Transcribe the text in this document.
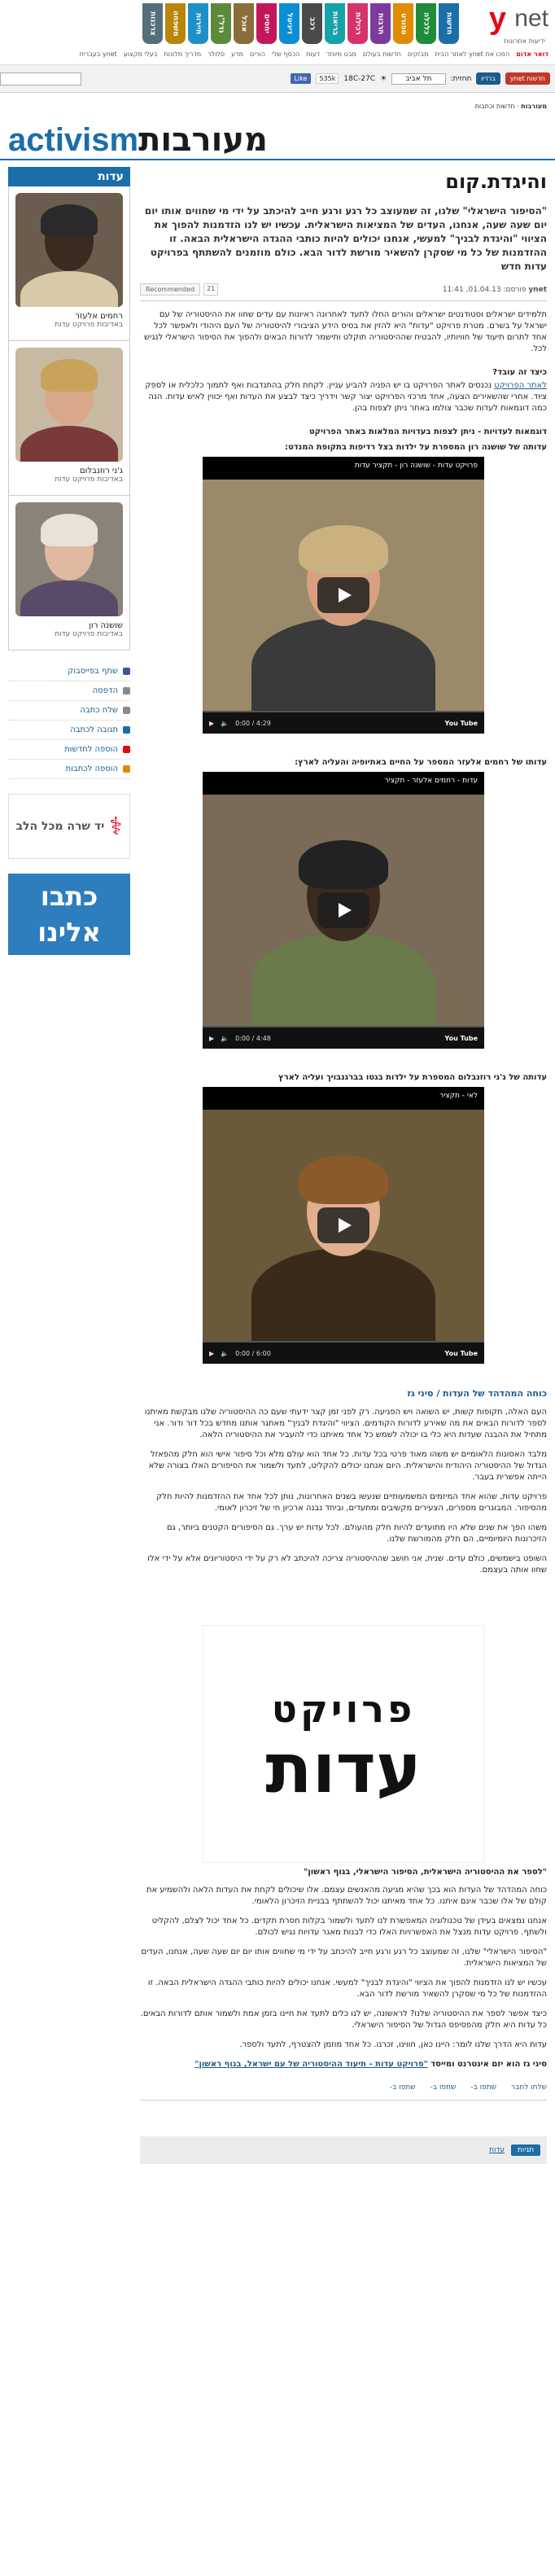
y net
ידיעות אחרונות
חדשות
כלכלה
ספורט
תרבות
רכילות
בריאות
רכב
דיגיטל
יחסים
אוכל
נדל"ן
תיירות
משפחה
צרכנות
דואר אדום
הפכו את ynet לאתר הבית
מבזקים
חדשות בעולם
מבט מיוחד
דעות
הכסף שלי
הורים
מדע
סלולר
מדריך מלונות
בעלי מקצוע
ynet בעברית
חדשות ynet
ברדיו
תחזית:
תל אביב
☀
18C-27C
535k
Like
מעורבות · חדשות וכתבות
מעורבות
activism
והיגדת.קום
"הסיפור הישראלי" שלנו, זה שמעוצב כל רגע ורגע חייב להיכתב על ידי מי שחווים אותו יום יום שעה שעה, אנחנו, העדים של המציאות הישראלית. עכשיו יש לנו הזדמנות להפוך את הציווי "והיגדת לבניך" למעשי, אנחנו יכולים להיות כותבי ההגדה הישראלית הבאה. זו ההזדמנות של כל מי שסקרן להשאיר מורשת לדור הבא. כולם מוזמנים להשתתף בפרויקט עדות חדש
ynet פורסם: 01.04.13, 11:41
Recommended	21
תלמידים ישראלים וסטודנטים ישראלים והורים החלו לתעד לאחרונה ראיונות עם עדים שחוו את ההיסטוריה של עם ישראל על בשרם. מטרת פרויקט "עדות" היא להזין את בסיס הידע הציבורי להיסטוריה של העם היהודי ולאפשר לכל אחד לתרום תיעוד של חוויותיו, להבטיח שההיסטוריה תוקלט ותישמר לדורות הבאים ולהפוך את הסיפור הישראלי לנגיש לכל.
כיצד זה עובד?
לאתר הפרויקט נכנסים לאתר הפרויקט בו יש הפניה להביע עניין. לקחת חלק בהתנדבות ואף לתמוך כלכלית או לספק ציוד. אחרי שהשאירים הצעה, אחד מרכזי הפרויקט יצור קשר וידריך כיצד לבצע את העדות ואף יכווין לאיש עדות. הנה כמה דוגמאות לעדות שכבר צולמו באתר ניתן לצפות בהן.
דוגמאות לעדויות - ניתן לצפות בעדויות המלאות באתר הפרויקט
עדותה של שושנה רון המספרת על ילדות בצל רדיפות בתקופת המנדט:
פרויקט עדות - שושנה רון - תקציר עדות
▶ 🔈 0:00 / 4:29	You Tube
עדותו של רחמים אלעזר המספר על החיים באתיופיה והעליה לארץ:
עדות - רחמים אלעזר - תקציר
▶ 🔈 0:00 / 4:48	You Tube
עדותה של ג'ני רוזנבלום המספרת על ילדות בגטו בברגנבויך ועליה לארץ
לאי - תקציר
▶ 🔈 0:00 / 6:00	You Tube
כוחה המהדהד של העדות / סיני גז
העם האלה, תקופות קשות, יש השואה ויש הפגיעה. רק לפני זמן קצר ידעתי שעם כה ההיסטוריה שלנו מבקשת מאיתנו לספר לדורות הבאים את מה שאירע לדורות הקודמים. הציווי "והיגדת לבניך" מאתגר אותנו מחדש בכל דור ודור. אני מתחיל את ההבנה שעדות היא כלי בו יכולה לשמש כל אחד מאיתנו כדי להעביר את ההיסטוריה הלאה.
מלבד האסונות הלאומיים יש משהו מאוד פרטי בכל עדות. כל אחד הוא עולם מלא וכל סיפור אישי הוא חלק מהפאזל הגדול של ההיסטוריה היהודית והישראלית. היום אנחנו יכולים להקליט, לתעד ולשמור את הסיפורים האלו בצורה שלא הייתה אפשרית בעבר.
פרויקט עדות, שהוא אחד המיזמים המשמעותיים שנעשו בשנים האחרונות, נותן לכל אחד את ההזדמנות להיות חלק מהסיפור. המבוגרים מספרים, הצעירים מקשיבים ומתעדים, וביחד נבנה ארכיון חי של זיכרון לאומי.
משהו הפך את שנים שלא היו מתועדים להיות חלק מהעולם. לכל עדות יש ערך. גם הסיפורים הקטנים ביותר, גם הזיכרונות היומיומיים, הם חלק מהמורשת שלנו.
השופט בישמשים, כולם עדים. שנית, אני חושב שההיסטוריה צריכה להיכתב לא רק על ידי היסטוריונים אלא על ידי אלו שחוו אותה בעצמם.
פרויקט
עדות
"לספר את ההיסטוריה הישראלית, הסיפור הישראלי, בגוף ראשון"
כוחה המהדהד של העדות הוא בכך שהיא מגיעה מהאנשים עצמם. אלו שיכולים לקחת את העדות הלאה ולהשמיע את קולם של אלו שכבר אינם איתנו. כל אחד מאיתנו יכול להשתתף בבניית הזיכרון הלאומי.
אנחנו נמצאים בעידן של טכנולוגיה המאפשרת לנו לתעד ולשמור בקלות חסרת תקדים. כל אחד יכול לצלם, להקליט ולשתף. פרויקט עדות מנצל את האפשרויות האלו כדי לבנות מאגר עדויות נגיש לכולם.
"הסיפור הישראלי" שלנו, זה שמעוצב כל רגע ורגע חייב להיכתב על ידי מי שחווים אותו יום יום שעה שעה, אנחנו, העדים של המציאות הישראלית.
עכשיו יש לנו הזדמנות להפוך את הציווי "והיגדת לבניך" למעשי. אנחנו יכולים להיות כותבי ההגדה הישראלית הבאה. זו ההזדמנות של כל מי שסקרן להשאיר מורשת לדור הבא.
כיצד אפשר לספר את ההיסטוריה שלנו? לראשונה, יש לנו כלים לתעד את חיינו בזמן אמת ולשמור אותם לדורות הבאים. כל עדות היא חלק מהפסיפס הגדול של הסיפור הישראלי.
עדות היא הדרך שלנו לומר: היינו כאן, חווינו, זכרנו. כל אחד מוזמן להצטרף, לתעד ולספר.
סיני גז הוא יזם אינטרנט ומייסד "פרויקט עדות - תיעוד ההיסטוריה של עם ישראל, בגוף ראשון"
שלחו לחבר
שתפו ב-
שתפו ב-
שתפו ב-
תגיות
עדות
עדות
רחמים אלעזר
באדיבות פרויקט עדות
ג'ני רוזנבלום
באדיבות פרויקט עדות
שושנה רון
באדיבות פרויקט עדות
שתף בפייסבוק
הדפסה
שלח כתבה
תגובה לכתבה
הוספה לחדשות
הוספה לכתבות
⚕
יד שרה מכל הלב
כתבו אלינו
